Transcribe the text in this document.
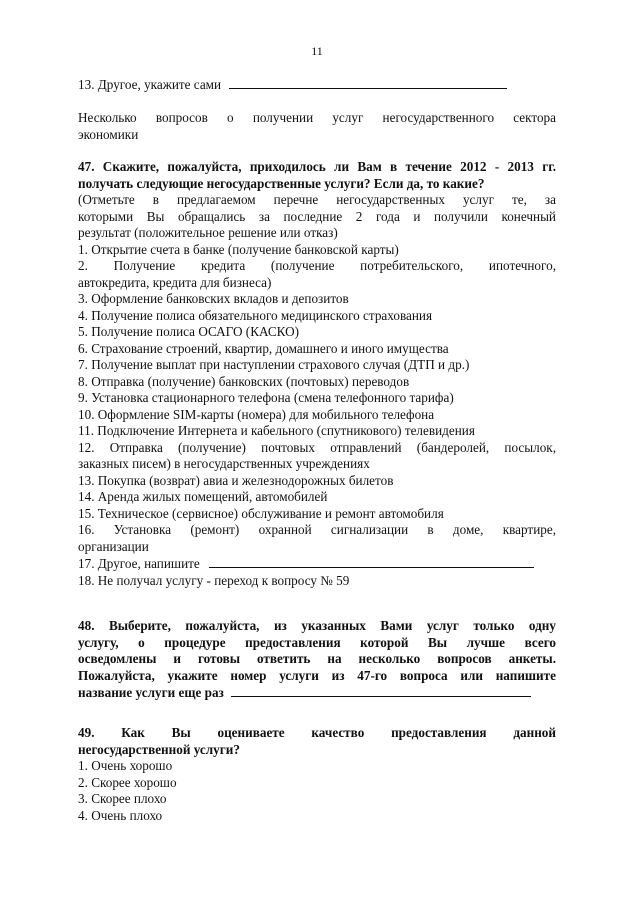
11
13. Другое, укажите сами
Несколько вопросов о получении услуг негосударственного сектора
экономики
47. Скажите, пожалуйста, приходилось ли Вам в течение 2012 - 2013 гг.
получать следующие негосударственные услуги? Если да, то какие?
(Отметьте в предлагаемом перечне негосударственных услуг те, за
которыми Вы обращались за последние 2 года и получили конечный
результат (положительное решение или отказ)
1. Открытие счета в банке (получение банковской карты)
2. Получение кредита (получение потребительского, ипотечного,
автокредита, кредита для бизнеса)
3. Оформление банковских вкладов и депозитов
4. Получение полиса обязательного медицинского страхования
5. Получение полиса ОСАГО (КАСКО)
6. Страхование строений, квартир, домашнего и иного имущества
7. Получение выплат при наступлении страхового случая (ДТП и др.)
8. Отправка (получение) банковских (почтовых) переводов
9. Установка стационарного телефона (смена телефонного тарифа)
10. Оформление SIM-карты (номера) для мобильного телефона
11. Подключение Интернета и кабельного (спутникового) телевидения
12. Отправка (получение) почтовых отправлений (бандеролей, посылок,
заказных писем) в негосударственных учреждениях
13. Покупка (возврат) авиа и железнодорожных билетов
14. Аренда жилых помещений, автомобилей
15. Техническое (сервисное) обслуживание и ремонт автомобиля
16. Установка (ремонт) охранной сигнализации в доме, квартире,
организации
17. Другое, напишите
18. Не получал услугу - переход к вопросу № 59
48. Выберите, пожалуйста, из указанных Вами услуг только одну
услугу, о процедуре предоставления которой Вы лучше всего
осведомлены и готовы ответить на несколько вопросов анкеты.
Пожалуйста, укажите номер услуги из 47-го вопроса или напишите
название услуги еще раз
49. Как Вы оцениваете качество предоставления данной
негосударственной услуги?
1. Очень хорошо
2. Скорее хорошо
3. Скорее плохо
4. Очень плохо
